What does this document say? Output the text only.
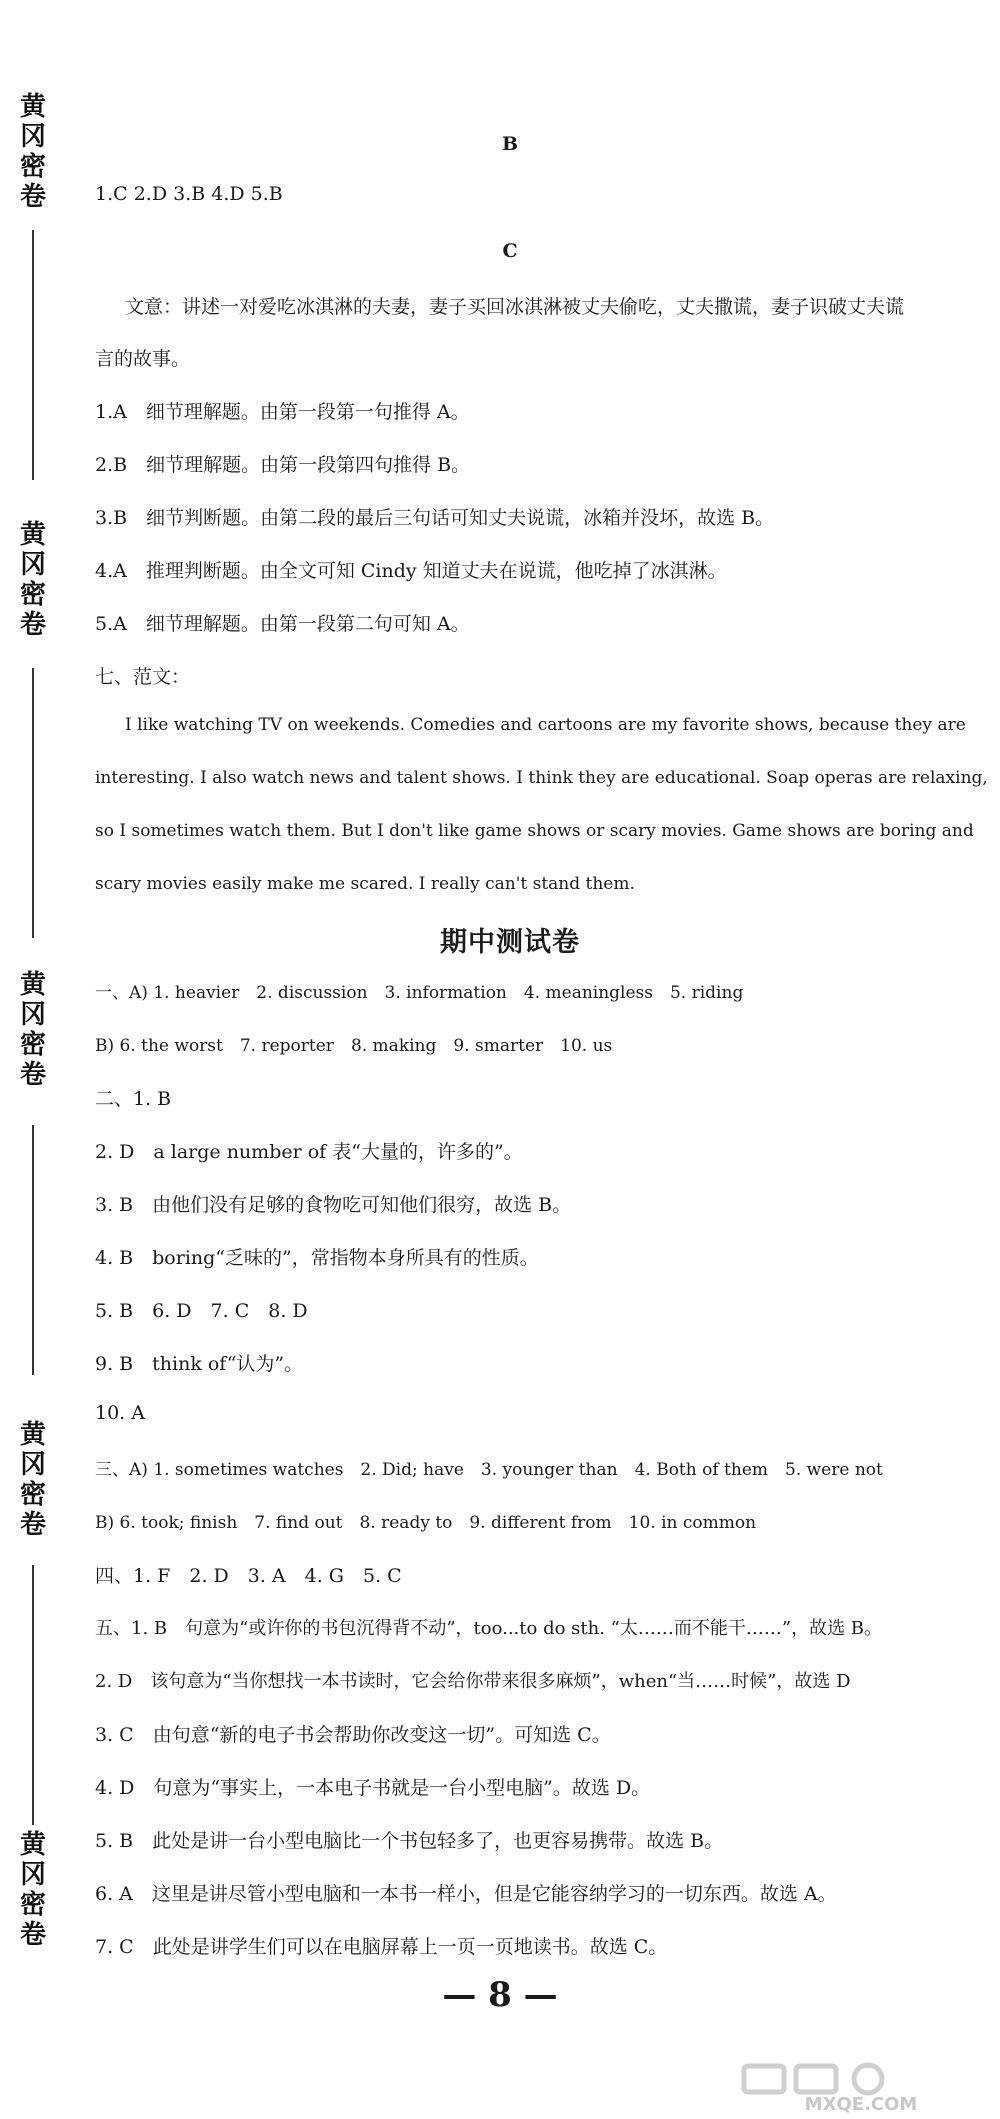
黄
冈
密
卷
黄
冈
密
卷
黄
冈
密
卷
黄
冈
密
卷
黄
冈
密
卷
B
1.C 2.D 3.B 4.D 5.B
C
文意：讲述一对爱吃冰淇淋的夫妻，妻子买回冰淇淋被丈夫偷吃，丈夫撒谎，妻子识破丈夫谎
言的故事。
1.A　细节理解题。由第一段第一句推得 A。
2.B　细节理解题。由第一段第四句推得 B。
3.B　细节判断题。由第二段的最后三句话可知丈夫说谎，冰箱并没坏，故选 B。
4.A　推理判断题。由全文可知 Cindy 知道丈夫在说谎，他吃掉了冰淇淋。
5.A　细节理解题。由第一段第二句可知 A。
七、范文：
I like watching TV on weekends. Comedies and cartoons are my favorite shows, because they are
interesting. I also watch news and talent shows. I think they are educational. Soap operas are relaxing,
so I sometimes watch them. But I don't like game shows or scary movies. Game shows are boring and
scary movies easily make me scared. I really can't stand them.
期中测试卷
一、A) 1. heavier　2. discussion　3. information　4. meaningless　5. riding
B) 6. the worst　7. reporter　8. making　9. smarter　10. us
二、1. B
2. D　a large number of 表“大量的，许多的”。
3. B　由他们没有足够的食物吃可知他们很穷，故选 B。
4. B　boring“乏味的”，常指物本身所具有的性质。
5. B　6. D　7. C　8. D
9. B　think of“认为”。
10. A
三、A) 1. sometimes watches　2. Did; have　3. younger than　4. Both of them　5. were not
B) 6. took; finish　7. find out　8. ready to　9. different from　10. in common
四、1. F　2. D　3. A　4. G　5. C
五、1. B　句意为“或许你的书包沉得背不动”，too...to do sth. “太……而不能干……”，故选 B。
2. D　该句意为“当你想找一本书读时，它会给你带来很多麻烦”，when“当……时候”，故选 D
3. C　由句意“新的电子书会帮助你改变这一切”。可知选 C。
4. D　句意为“事实上，一本电子书就是一台小型电脑”。故选 D。
5. B　此处是讲一台小型电脑比一个书包轻多了，也更容易携带。故选 B。
6. A　这里是讲尽管小型电脑和一本书一样小，但是它能容纳学习的一切东西。故选 A。
7. C　此处是讲学生们可以在电脑屏幕上一页一页地读书。故选 C。
— 8 —
MXQE.COM
